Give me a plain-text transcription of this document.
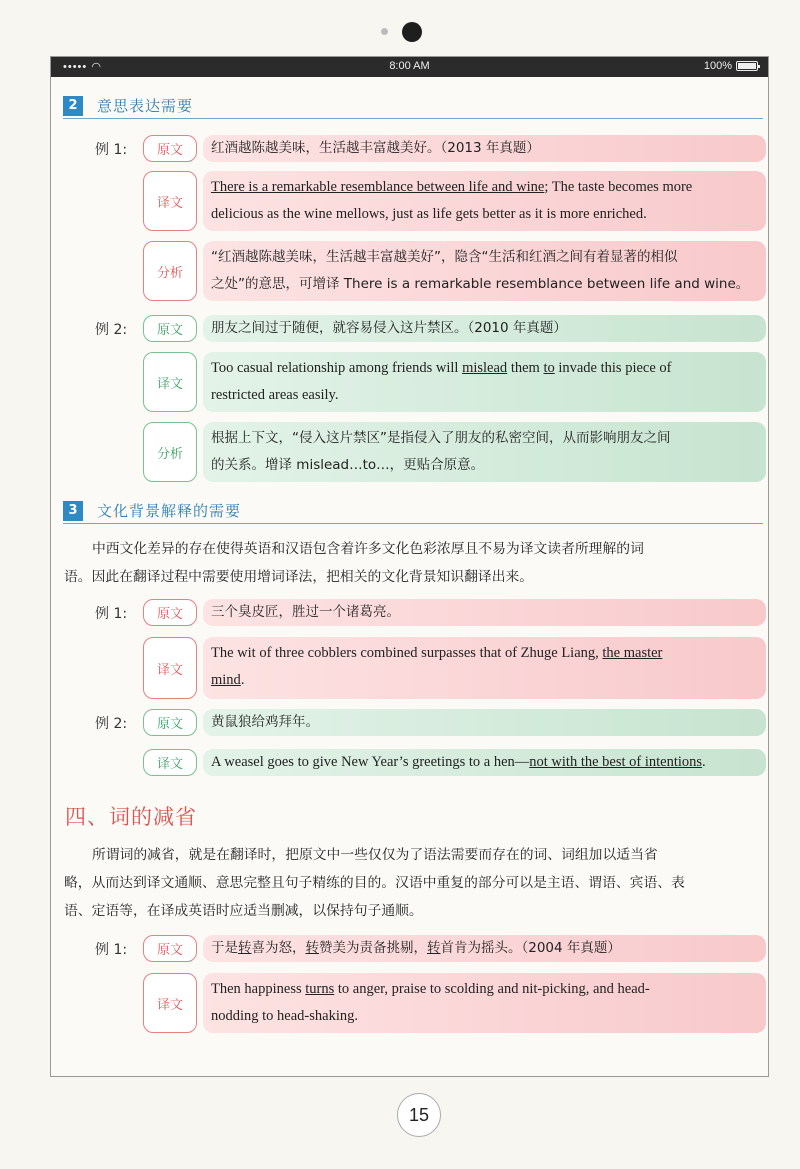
••••• ◠	8:00 AM	100%
2	意思表达需要
例 1:	原文	红酒越陈越美味，生活越丰富越美好。（2013 年真题）
译文
There is a remarkable resemblance between life and wine; The taste becomes more
delicious as the wine mellows, just as life gets better as it is more enriched.
分析
“红酒越陈越美味，生活越丰富越美好”，隐含“生活和红酒之间有着显著的相似
之处”的意思，可增译 There is a remarkable resemblance between life and wine。
例 2:	原文	朋友之间过于随便，就容易侵入这片禁区。（2010 年真题）
译文
Too casual relationship among friends will mislead them to invade this piece of
restricted areas easily.
分析
根据上下文，“侵入这片禁区”是指侵入了朋友的私密空间，从而影响朋友之间
的关系。增译 mislead…to…，更贴合原意。
3	文化背景解释的需要
中西文化差异的存在使得英语和汉语包含着许多文化色彩浓厚且不易为译文读者所理解的词
语。因此在翻译过程中需要使用增词译法，把相关的文化背景知识翻译出来。
例 1:	原文	三个臭皮匠，胜过一个诸葛亮。
译文
The wit of three cobblers combined surpasses that of Zhuge Liang, the master
mind.
例 2:	原文	黄鼠狼给鸡拜年。
译文	A weasel goes to give New Year’s greetings to a hen—not with the best of intentions.
四、词的减省
所谓词的减省，就是在翻译时，把原文中一些仅仅为了语法需要而存在的词、词组加以适当省
略，从而达到译文通顺、意思完整且句子精练的目的。汉语中重复的部分可以是主语、谓语、宾语、表
语、定语等，在译成英语时应适当删减，以保持句子通顺。
例 1:	原文	于是转喜为怒，转赞美为责备挑剔，转首肯为摇头。（2004 年真题）
译文
Then happiness turns to anger, praise to scolding and nit-picking, and head-
nodding to head-shaking.
15
